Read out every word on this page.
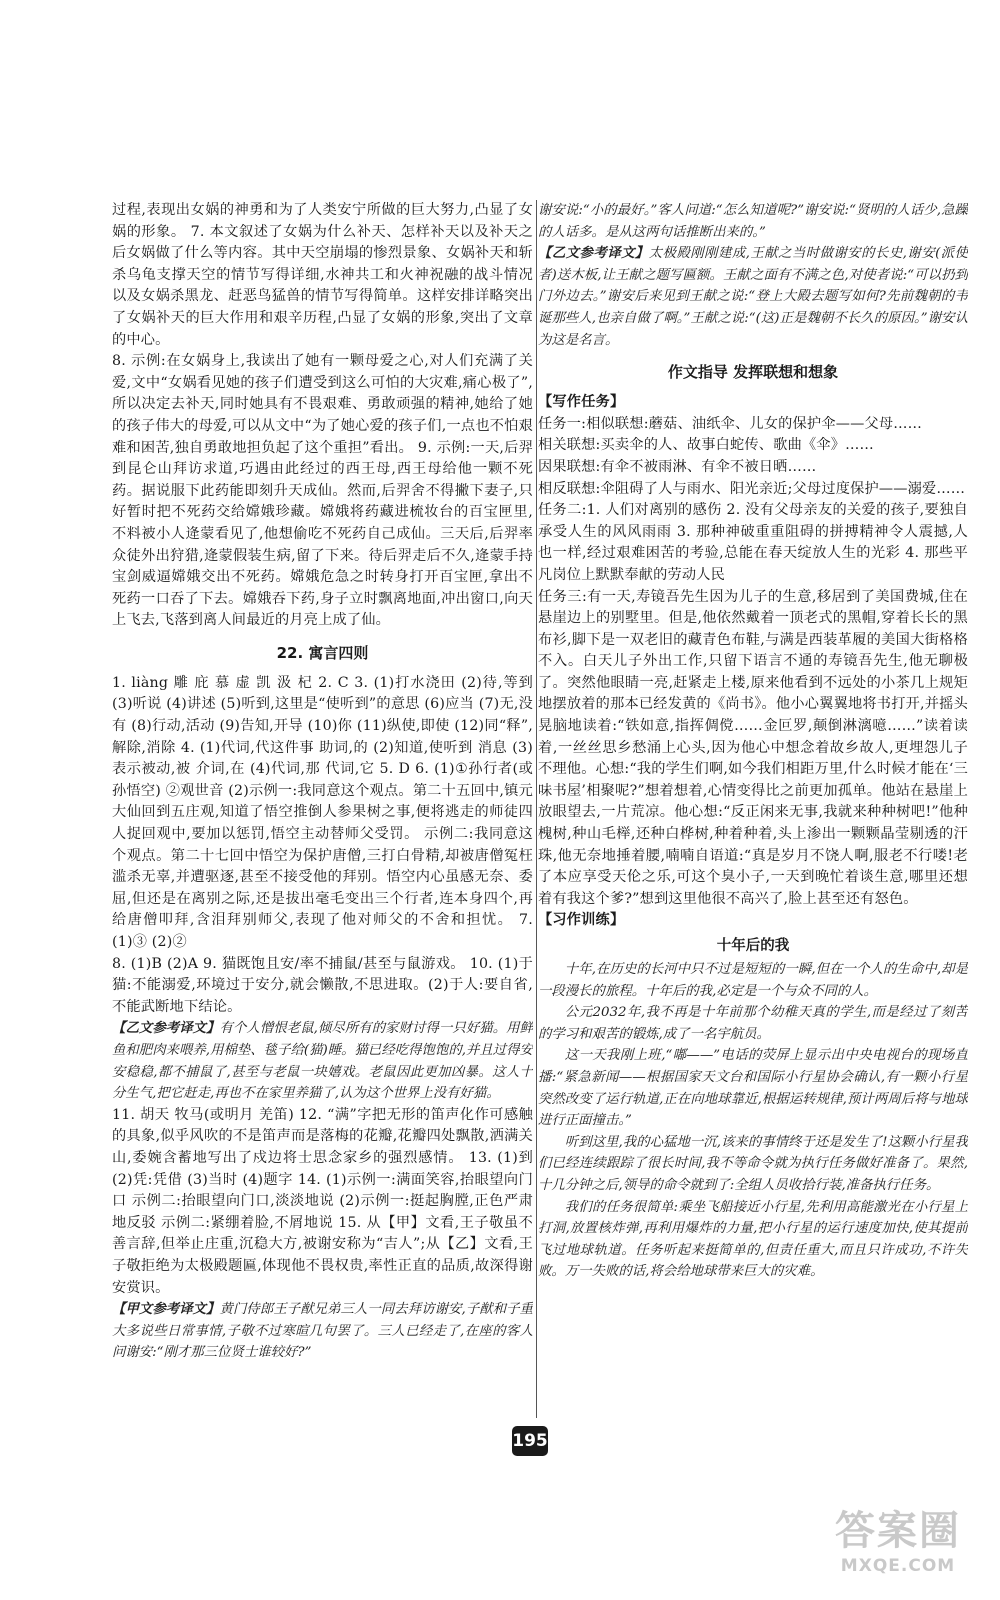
过程,表现出女娲的神勇和为了人类安宁所做的巨大努力,凸显了女娲的形象。 7. 本文叙述了女娲为什么补天、怎样补天以及补天之后女娲做了什么等内容。其中天空崩塌的惨烈景象、女娲补天和斩杀乌龟支撑天空的情节写得详细,水神共工和火神祝融的战斗情况以及女娲杀黑龙、赶恶鸟猛兽的情节写得简单。这样安排详略突出了女娲补天的巨大作用和艰辛历程,凸显了女娲的形象,突出了文章的中心。

8. 示例:在女娲身上,我读出了她有一颗母爱之心,对人们充满了关爱,文中“女娲看见她的孩子们遭受到这么可怕的大灾难,痛心极了”,所以决定去补天,同时她具有不畏艰难、勇敢顽强的精神,她给了她的孩子伟大的母爱,可以从文中“为了她心爱的孩子们,一点也不怕艰难和困苦,独自勇敢地担负起了这个重担”看出。 9. 示例:一天,后羿到昆仑山拜访求道,巧遇由此经过的西王母,西王母给他一颗不死药。据说服下此药能即刻升天成仙。然而,后羿舍不得撇下妻子,只好暂时把不死药交给嫦娥珍藏。嫦娥将药藏进梳妆台的百宝匣里,不料被小人逄蒙看见了,他想偷吃不死药自己成仙。三天后,后羿率众徒外出狩猎,逄蒙假装生病,留了下来。待后羿走后不久,逄蒙手持宝剑威逼嫦娥交出不死药。嫦娥危急之时转身打开百宝匣,拿出不死药一口吞了下去。嫦娥吞下药,身子立时飘离地面,冲出窗口,向天上飞去,飞落到离人间最近的月亮上成了仙。

22. 寓言四则

1. liàng 雕 庇 慕 虚 凯 汲 杞 2. C 3. (1)打水浇田 (2)待,等到 (3)听说 (4)讲述 (5)听到,这里是“使听到”的意思 (6)应当 (7)无,没有 (8)行动,活动 (9)告知,开导 (10)你 (11)纵使,即使 (12)同“释”,解除,消除 4. (1)代词,代这件事 助词,的 (2)知道,使听到 消息 (3)表示被动,被 介词,在 (4)代词,那 代词,它 5. D 6. (1)①孙行者(或孙悟空) ②观世音 (2)示例一:我同意这个观点。第二十五回中,镇元大仙回到五庄观,知道了悟空推倒人参果树之事,便将逃走的师徒四人捉回观中,要加以惩罚,悟空主动替师父受罚。 示例二:我同意这个观点。第二十七回中悟空为保护唐僧,三打白骨精,却被唐僧冤枉滥杀无辜,并遭驱逐,甚至不接受他的拜别。悟空内心虽感无奈、委屈,但还是在离别之际,还是拔出毫毛变出三个行者,连本身四个,再给唐僧叩拜,含泪拜别师父,表现了他对师父的不舍和担忧。 7. (1)③ (2)②

8. (1)B (2)A 9. 猫既饱且安/率不捕鼠/甚至与鼠游戏。 10. (1)于猫:不能溺爱,环境过于安分,就会懒散,不思进取。(2)于人:要自省,不能武断地下结论。

【乙文参考译文】有个人憎恨老鼠,倾尽所有的家财讨得一只好猫。用鲜鱼和肥肉来喂养,用棉垫、毯子给(猫)睡。猫已经吃得饱饱的,并且过得安安稳稳,都不捕鼠了,甚至与老鼠一块嬉戏。老鼠因此更加凶暴。这人十分生气,把它赶走,再也不在家里养猫了,认为这个世界上没有好猫。

11. 胡天 牧马(或明月 羌笛) 12. “满”字把无形的笛声化作可感触的具象,似乎风吹的不是笛声而是落梅的花瓣,花瓣四处飘散,洒满关山,委婉含蓄地写出了戍边将士思念家乡的强烈感情。 13. (1)到 (2)凭:凭借 (3)当时 (4)题字 14. (1)示例一:满面笑容,抬眼望向门口 示例二:抬眼望向门口,淡淡地说 (2)示例一:挺起胸膛,正色严肃地反驳 示例二:紧绷着脸,不屑地说 15. 从【甲】文看,王子敬虽不善言辞,但举止庄重,沉稳大方,被谢安称为“吉人”;从【乙】文看,王子敬拒绝为太极殿题匾,体现他不畏权贵,率性正直的品质,故深得谢安赏识。

【甲文参考译文】黄门侍郎王子猷兄弟三人一同去拜访谢安,子猷和子重大多说些日常事情,子敬不过寒暄几句罢了。三人已经走了,在座的客人问谢安:“刚才那三位贤士谁较好?”

谢安说:“小的最好。”客人问道:“怎么知道呢?”谢安说:“贤明的人话少,急躁的人话多。是从这两句话推断出来的。”

【乙文参考译文】太极殿刚刚建成,王献之当时做谢安的长史,谢安(派使者)送木板,让王献之题写匾额。王献之面有不满之色,对使者说:“可以扔到门外边去。”谢安后来见到王献之说:“登上大殿去题写如何?先前魏朝的韦诞那些人,也亲自做了啊。”王献之说:“(这)正是魏朝不长久的原因。”谢安认为这是名言。

作文指导 发挥联想和想象
【写作任务】

任务一:相似联想:蘑菇、油纸伞、儿女的保护伞——父母……

相关联想:买卖伞的人、故事白蛇传、歌曲《伞》……

因果联想:有伞不被雨淋、有伞不被日晒……

相反联想:伞阻碍了人与雨水、阳光亲近;父母过度保护——溺爱……

任务二:1. 人们对离别的感伤 2. 没有父母亲友的关爱的孩子,要独自承受人生的风风雨雨 3. 那种神破重重阻碍的拼搏精神令人震撼,人也一样,经过艰难困苦的考验,总能在春天绽放人生的光彩 4. 那些平凡岗位上默默奉献的劳动人民

任务三:有一天,寿镜吾先生因为儿子的生意,移居到了美国费城,住在悬崖边上的别墅里。但是,他依然戴着一顶老式的黑帽,穿着长长的黑布衫,脚下是一双老旧的藏青色布鞋,与满是西装革履的美国大街格格不入。白天儿子外出工作,只留下语言不通的寿镜吾先生,他无聊极了。突然他眼睛一亮,赶紧走上楼,原来他看到不远处的小茶几上规矩地摆放着的那本已经发黄的《尚书》。他小心翼翼地将书打开,并摇头晃脑地读着:“铁如意,指挥倜傥……金叵罗,颠倒淋漓噫……”读着读着,一丝丝思乡愁涌上心头,因为他心中想念着故乡故人,更埋怨儿子不理他。心想:“我的学生们啊,如今我们相距万里,什么时候才能在‘三味书屋’相聚呢?”想着想着,心情变得比之前更加孤单。他站在悬崖上放眼望去,一片荒凉。他心想:“反正闲来无事,我就来种种树吧!”他种槐树,种山毛榉,还种白桦树,种着种着,头上渗出一颗颗晶莹剔透的汗珠,他无奈地捶着腰,喃喃自语道:“真是岁月不饶人啊,服老不行喽!老了本应享受天伦之乐,可这个臭小子,一天到晚忙着谈生意,哪里还想着有我这个爹?”想到这里他很不高兴了,脸上甚至还有怒色。

【习作训练】
十年后的我

十年,在历史的长河中只不过是短短的一瞬,但在一个人的生命中,却是一段漫长的旅程。十年后的我,必定是一个与众不同的人。

公元2032年,我不再是十年前那个幼稚天真的学生,而是经过了刻苦的学习和艰苦的锻炼,成了一名宇航员。

这一天我刚上班,“嘟——”电话的荧屏上显示出中央电视台的现场直播:“紧急新闻——根据国家天文台和国际小行星协会确认,有一颗小行星突然改变了运行轨道,正在向地球靠近,根据运转规律,预计两周后将与地球进行正面撞击。”

听到这里,我的心猛地一沉,该来的事情终于还是发生了!这颗小行星我们已经连续跟踪了很长时间,我不等命令就为执行任务做好准备了。果然,十几分钟之后,领导的命令就到了:全组人员收拾行装,准备执行任务。

我们的任务很简单:乘坐飞船接近小行星,先利用高能激光在小行星上打洞,放置核炸弹,再利用爆炸的力量,把小行星的运行速度加快,使其提前飞过地球轨道。任务听起来挺简单的,但责任重大,而且只许成功,不许失败。万一失败的话,将会给地球带来巨大的灾难。

195
答案圈
MXQE.COM
